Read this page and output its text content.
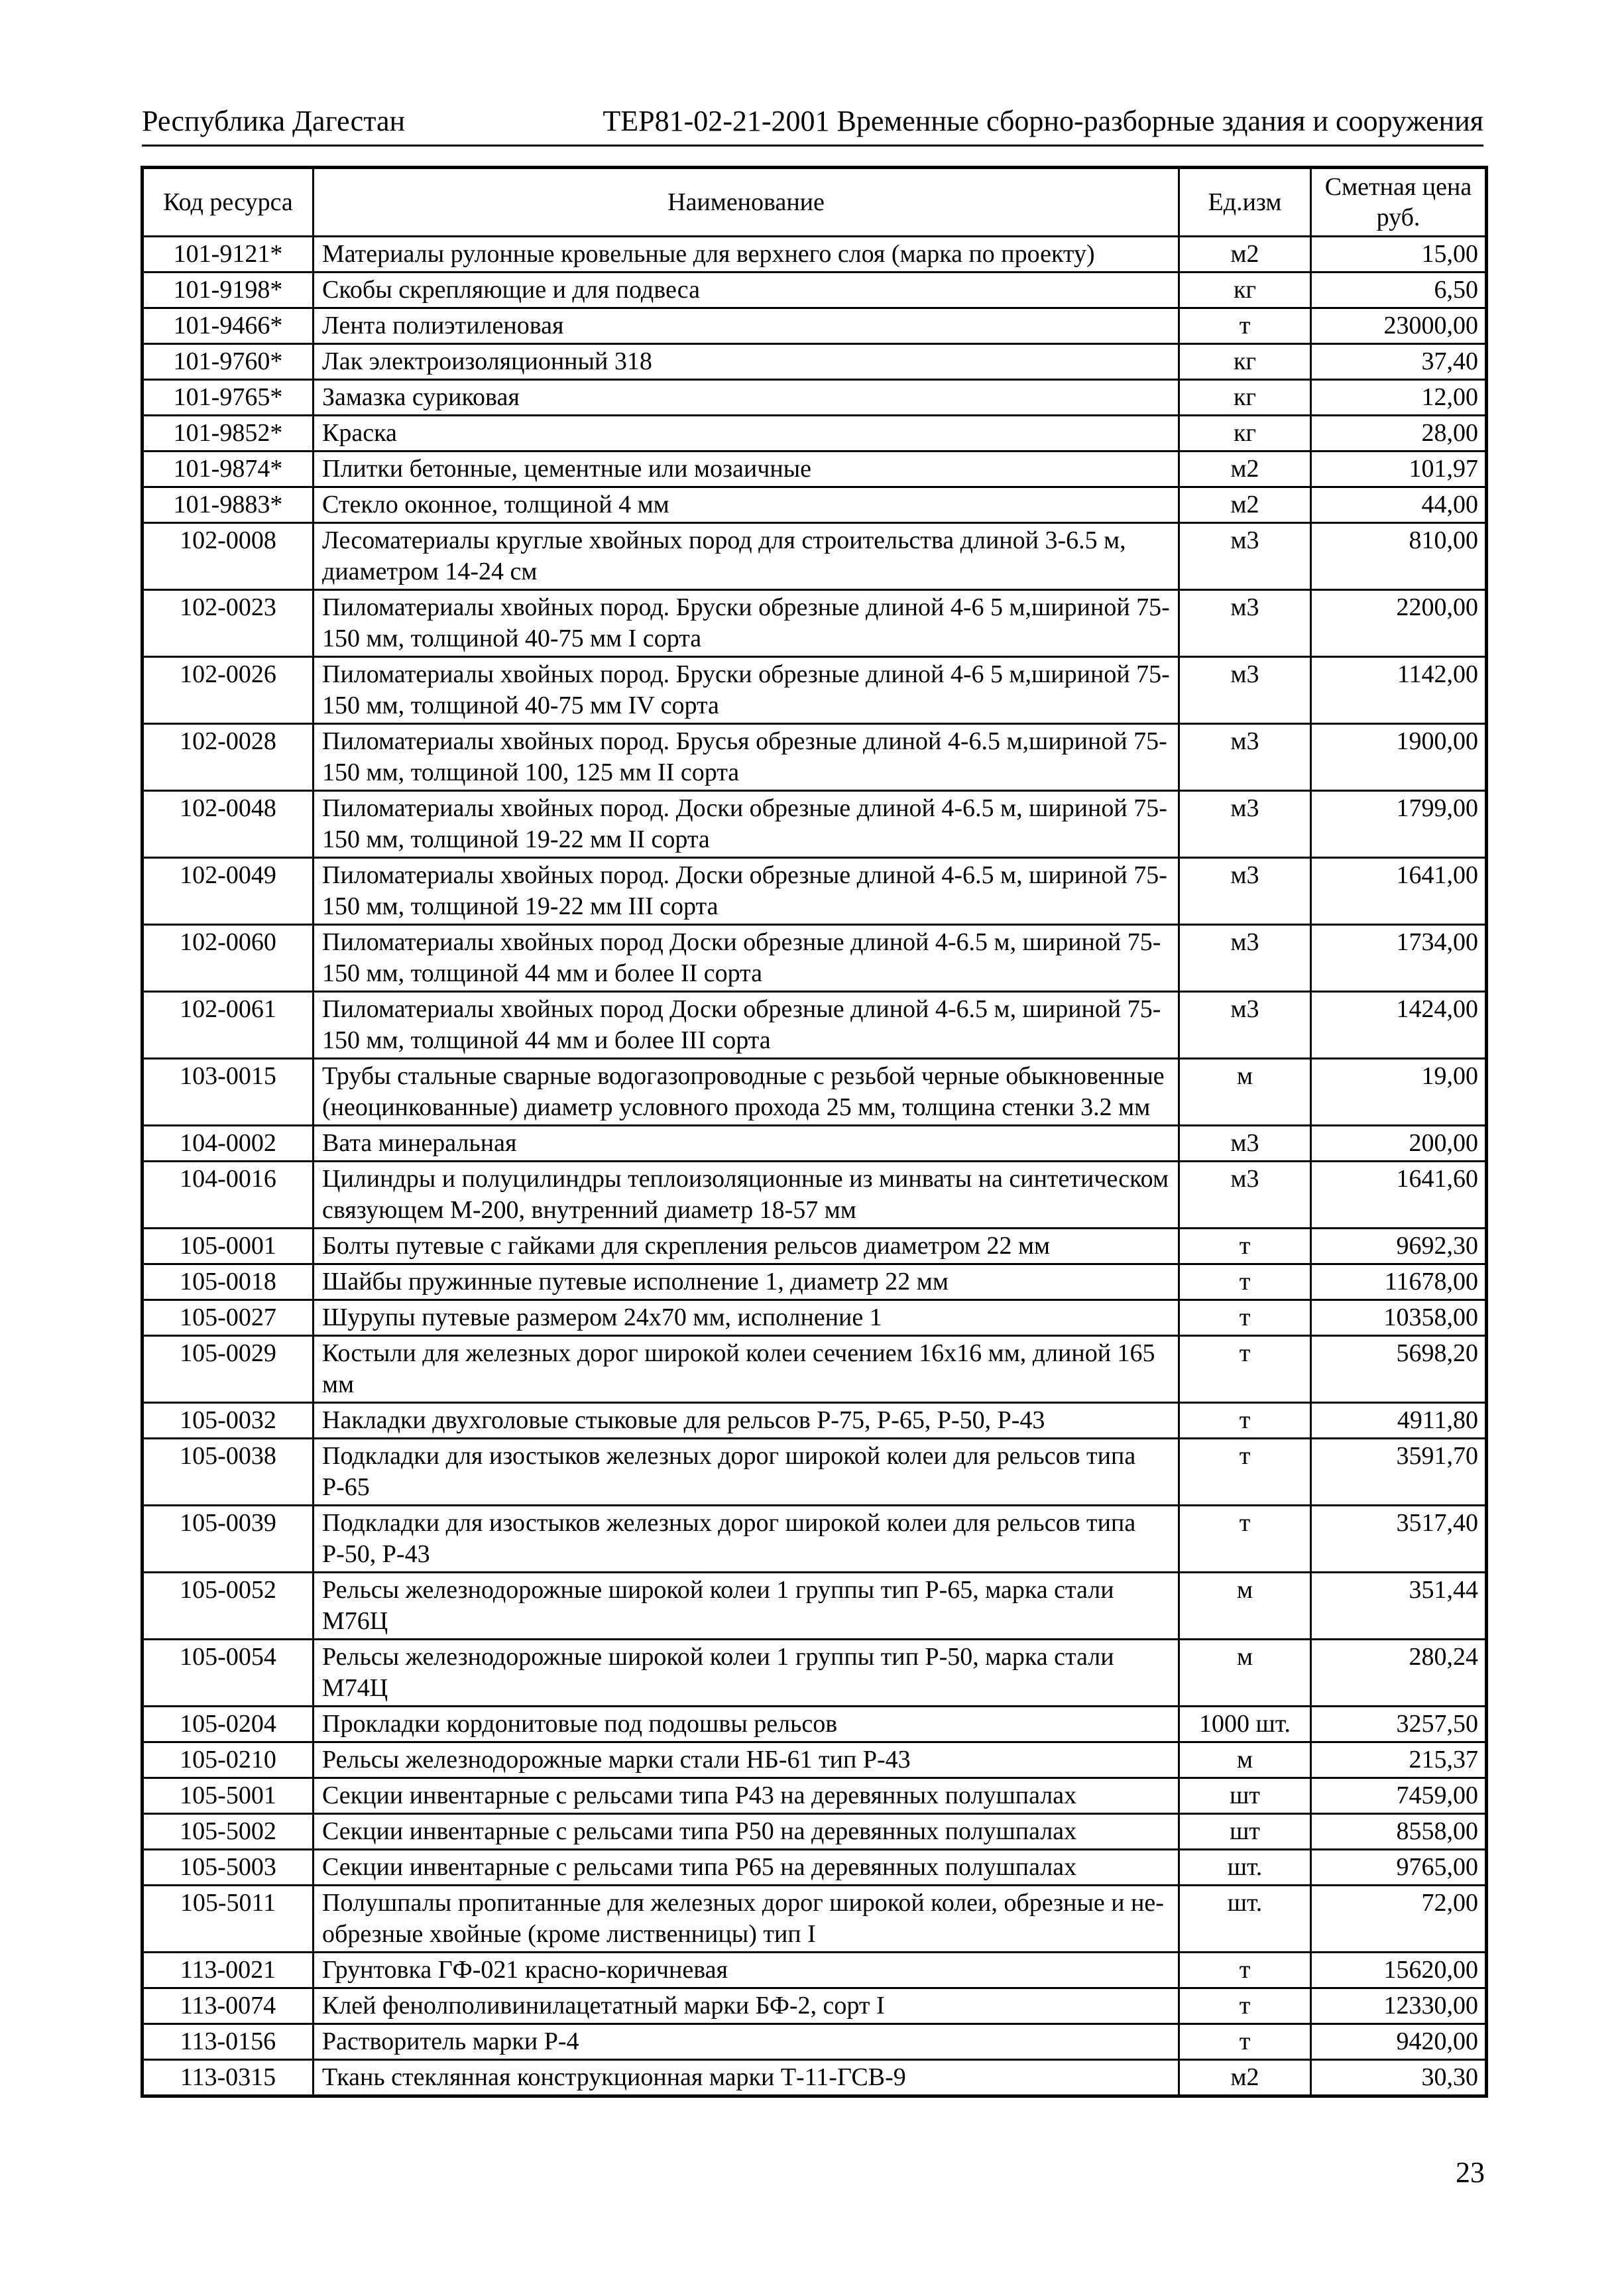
Республика Дагестан	ТЕР81-02-21-2001 Временные сборно-разборные здания и сооружения
Код ресурса	Наименование	Ед.изм	Сметная цена
руб.

101-9121*	Материалы рулонные кровельные для верхнего слоя (марка по проекту)	м2	15,00
101-9198*	Скобы скрепляющие и для подвеса	кг	6,50
101-9466*	Лента полиэтиленовая	т	23000,00
101-9760*	Лак электроизоляционный 318	кг	37,40
101-9765*	Замазка суриковая	кг	12,00
101-9852*	Краска	кг	28,00
101-9874*	Плитки бетонные, цементные или мозаичные	м2	101,97
101-9883*	Стекло оконное, толщиной 4 мм	м2	44,00
102-0008	Лесоматериалы круглые хвойных пород для строительства длиной 3-6.5 м, диаметром 14-24 см	м3	810,00
102-0023	Пиломатериалы хвойных пород. Бруски обрезные длиной 4-6 5 м,шириной 75-150 мм, толщиной 40-75 мм I сорта	м3	2200,00
102-0026	Пиломатериалы хвойных пород. Бруски обрезные длиной 4-6 5 м,шириной 75-150 мм, толщиной 40-75 мм IV сорта	м3	1142,00
102-0028	Пиломатериалы хвойных пород. Брусья обрезные длиной 4-6.5 м,шириной 75-150 мм, толщиной 100, 125 мм II сорта	м3	1900,00
102-0048	Пиломатериалы хвойных пород. Доски обрезные длиной 4-6.5 м, шириной 75-150 мм, толщиной 19-22 мм II сорта	м3	1799,00
102-0049	Пиломатериалы хвойных пород. Доски обрезные длиной 4-6.5 м, шириной 75-150 мм, толщиной 19-22 мм III сорта	м3	1641,00
102-0060	Пиломатериалы хвойных пород Доски обрезные длиной 4-6.5 м, шириной 75-150 мм, толщиной 44 мм и более II сорта	м3	1734,00
102-0061	Пиломатериалы хвойных пород Доски обрезные длиной 4-6.5 м, шириной 75-150 мм, толщиной 44 мм и более III сорта	м3	1424,00
103-0015	Трубы стальные сварные водогазопроводные с резьбой черные обыкновенные (неоцинкованные) диаметр условного прохода 25 мм, толщина стенки 3.2 мм	м	19,00
104-0002	Вата минеральная	м3	200,00
104-0016	Цилиндры и полуцилиндры теплоизоляционные из минваты на синтетическом связующем М-200, внутренний диаметр 18-57 мм	м3	1641,60
105-0001	Болты путевые с гайками для скрепления рельсов диаметром 22 мм	т	9692,30
105-0018	Шайбы пружинные путевые исполнение 1, диаметр 22 мм	т	11678,00
105-0027	Шурупы путевые размером 24х70 мм, исполнение 1	т	10358,00
105-0029	Костыли для железных дорог широкой колеи сечением 16х16 мм, длиной 165 мм	т	5698,20
105-0032	Накладки двухголовые стыковые для рельсов Р-75, Р-65, Р-50, Р-43	т	4911,80
105-0038	Подкладки для изостыков железных дорог широкой колеи для рельсов типа Р-65	т	3591,70
105-0039	Подкладки для изостыков железных дорог широкой колеи для рельсов типа Р-50, Р-43	т	3517,40
105-0052	Рельсы железнодорожные широкой колеи 1 группы тип Р-65, марка стали М76Ц	м	351,44
105-0054	Рельсы железнодорожные широкой колеи 1 группы тип Р-50, марка стали М74Ц	м	280,24
105-0204	Прокладки кордонитовые под подошвы рельсов	1000 шт.	3257,50
105-0210	Рельсы железнодорожные марки стали НБ-61 тип Р-43	м	215,37
105-5001	Секции инвентарные с рельсами типа Р43 на деревянных полушпалах	шт	7459,00
105-5002	Секции инвентарные с рельсами типа Р50 на деревянных полушпалах	шт	8558,00
105-5003	Секции инвентарные с рельсами типа Р65 на деревянных полушпалах	шт.	9765,00
105-5011	Полушпалы пропитанные для железных дорог широкой колеи, обрезные и не-обрезные хвойные (кроме лиственницы) тип I	шт.	72,00
113-0021	Грунтовка ГФ-021 красно-коричневая	т	15620,00
113-0074	Клей фенолполивинилацетатный марки БФ-2, сорт I	т	12330,00
113-0156	Растворитель марки Р-4	т	9420,00
113-0315	Ткань стеклянная конструкционная марки Т-11-ГСВ-9	м2	30,30
23
